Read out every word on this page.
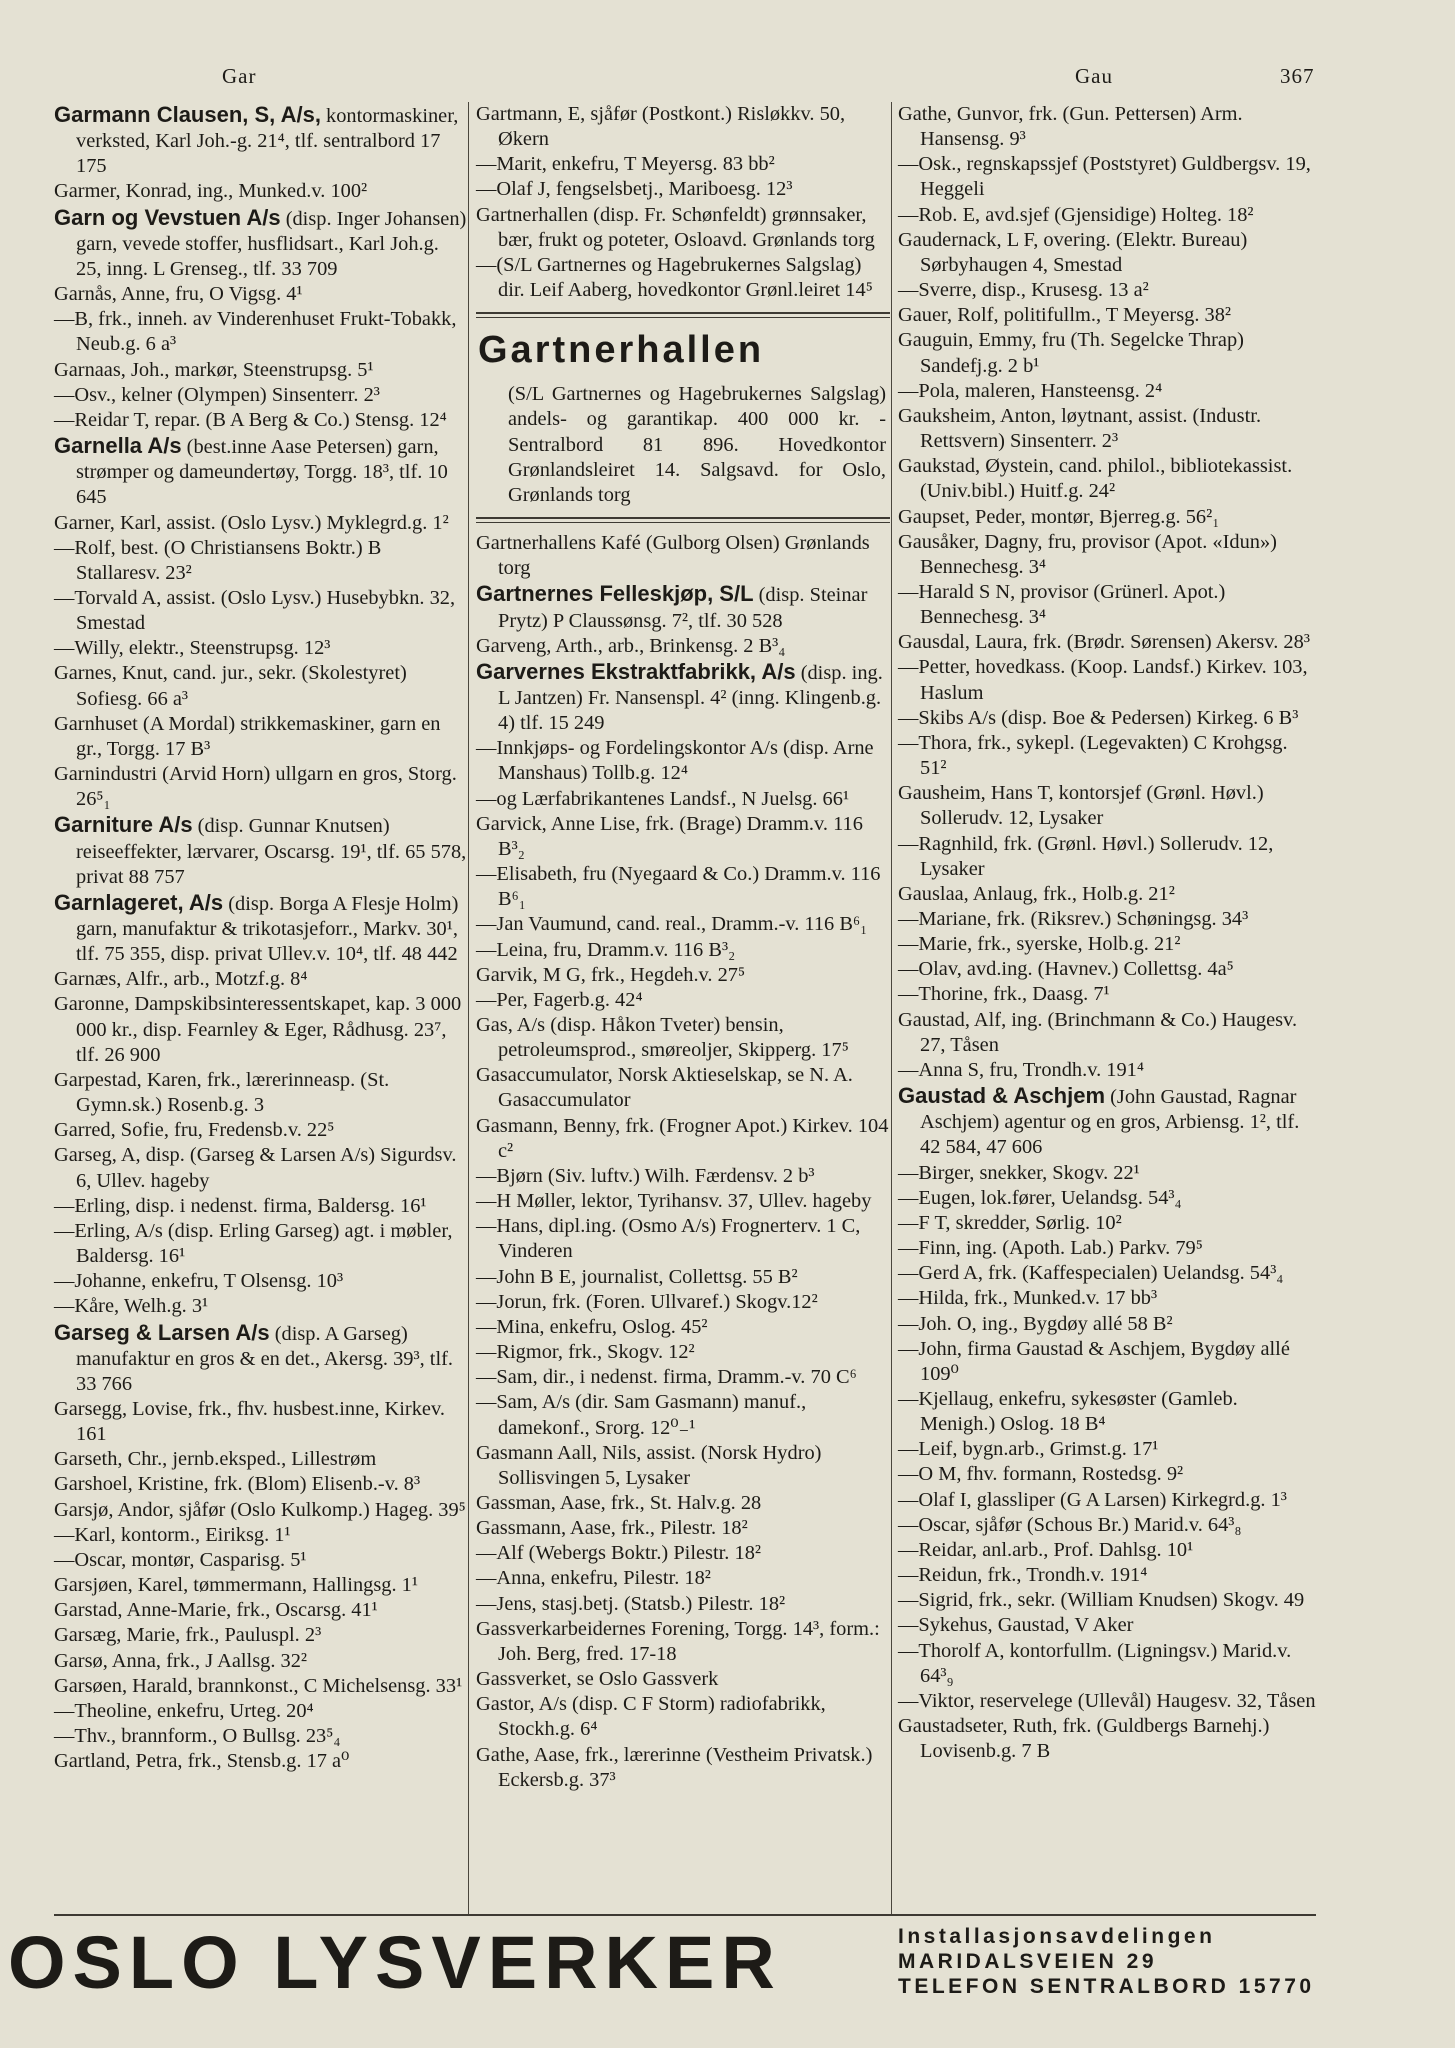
Gar	Gau	367
Garmann Clausen, S, A/s, kontormaskiner, verksted, Karl Joh.-g. 21⁴, tlf. sentralbord 17 175
Garmer, Konrad, ing., Munked.v. 100²
Garn og Vevstuen A/s (disp. Inger Johansen) garn, vevede stoffer, husflidsart., Karl Joh.g. 25, inng. L Grenseg., tlf. 33 709
Garnås, Anne, fru, O Vigsg. 4¹
—B, frk., inneh. av Vinderenhuset Frukt-Tobakk, Neub.g. 6 a³
Garnaas, Joh., markør, Steenstrupsg. 5¹
—Osv., kelner (Olympen) Sinsenterr. 2³
—Reidar T, repar. (B A Berg & Co.) Stensg. 12⁴
Garnella A/s (best.inne Aase Petersen) garn, strømper og dameundertøy, Torgg. 18³, tlf. 10 645
Garner, Karl, assist. (Oslo Lysv.) Myklegrd.g. 1²
—Rolf, best. (O Christiansens Boktr.) B Stallaresv. 23²
—Torvald A, assist. (Oslo Lysv.) Husebybkn. 32, Smestad
—Willy, elektr., Steenstrupsg. 12³
Garnes, Knut, cand. jur., sekr. (Skolestyret) Sofiesg. 66 a³
Garnhuset (A Mordal) strikkemaskiner, garn en gr., Torgg. 17 B³
Garnindustri (Arvid Horn) ullgarn en gros, Storg. 26⁵₁
Garniture A/s (disp. Gunnar Knutsen) reiseeffekter, lærvarer, Oscarsg. 19¹, tlf. 65 578, privat 88 757
Garnlageret, A/s (disp. Borga A Flesje Holm) garn, manufaktur & trikotasjeforr., Markv. 30¹, tlf. 75 355, disp. privat Ullev.v. 10⁴, tlf. 48 442
Garnæs, Alfr., arb., Motzf.g. 8⁴
Garonne, Dampskibsinteressentskapet, kap. 3 000 000 kr., disp. Fearnley & Eger, Rådhusg. 23⁷, tlf. 26 900
Garpestad, Karen, frk., lærerinneasp. (St. Gymn.sk.) Rosenb.g. 3
Garred, Sofie, fru, Fredensb.v. 22⁵
Garseg, A, disp. (Garseg & Larsen A/s) Sigurdsv. 6, Ullev. hageby
—Erling, disp. i nedenst. firma, Baldersg. 16¹
—Erling, A/s (disp. Erling Garseg) agt. i møbler, Baldersg. 16¹
—Johanne, enkefru, T Olsensg. 10³
—Kåre, Welh.g. 3¹
Garseg & Larsen A/s (disp. A Garseg) manufaktur en gros & en det., Akersg. 39³, tlf. 33 766
Garsegg, Lovise, frk., fhv. husbest.inne, Kirkev. 161
Garseth, Chr., jernb.eksped., Lillestrøm
Garshoel, Kristine, frk. (Blom) Elisenb.-v. 8³
Garsjø, Andor, sjåfør (Oslo Kulkomp.) Hageg. 39⁵
—Karl, kontorm., Eiriksg. 1¹
—Oscar, montør, Casparisg. 5¹
Garsjøen, Karel, tømmermann, Hallingsg. 1¹
Garstad, Anne-Marie, frk., Oscarsg. 41¹
Garsæg, Marie, frk., Pauluspl. 2³
Garsø, Anna, frk., J Aallsg. 32²
Garsøen, Harald, brannkonst., C Michelsensg. 33¹
—Theoline, enkefru, Urteg. 20⁴
—Thv., brannform., O Bullsg. 23⁵₄
Gartland, Petra, frk., Stensb.g. 17 a⁰
Gartmann, E, sjåfør (Postkont.) Risløkkv. 50, Økern
—Marit, enkefru, T Meyersg. 83 bb²
—Olaf J, fengselsbetj., Mariboesg. 12³
Gartnerhallen (disp. Fr. Schønfeldt) grønnsaker, bær, frukt og poteter, Osloavd. Grønlands torg
—(S/L Gartnernes og Hagebrukernes Salgslag) dir. Leif Aaberg, hovedkontor Grønl.leiret 14⁵
Gartnerhallen
(S/L Gartnernes og Hagebrukernes Salgslag) andels- og garantikap. 400 000 kr. - Sentralbord 81 896. Hovedkontor Grønlandsleiret 14. Salgsavd. for Oslo, Grønlands torg
Gartnerhallens Kafé (Gulborg Olsen) Grønlands torg
Gartnernes Felleskjøp, S/L (disp. Steinar Prytz) P Claussønsg. 7², tlf. 30 528
Garveng, Arth., arb., Brinkensg. 2 B³₄
Garvernes Ekstraktfabrikk, A/s (disp. ing. L Jantzen) Fr. Nansenspl. 4² (inng. Klingenb.g. 4) tlf. 15 249
—Innkjøps- og Fordelingskontor A/s (disp. Arne Manshaus) Tollb.g. 12⁴
—og Lærfabrikantenes Landsf., N Juelsg. 66¹
Garvick, Anne Lise, frk. (Brage) Dramm.v. 116 B³₂
—Elisabeth, fru (Nyegaard & Co.) Dramm.v. 116 B⁶₁
—Jan Vaumund, cand. real., Dramm.-v. 116 B⁶₁
—Leina, fru, Dramm.v. 116 B³₂
Garvik, M G, frk., Hegdeh.v. 27⁵
—Per, Fagerb.g. 42⁴
Gas, A/s (disp. Håkon Tveter) bensin, petroleumsprod., smøreoljer, Skipperg. 17⁵
Gasaccumulator, Norsk Aktieselskap, se N. A. Gasaccumulator
Gasmann, Benny, frk. (Frogner Apot.) Kirkev. 104 c²
—Bjørn (Siv. luftv.) Wilh. Færdensv. 2 b³
—H Møller, lektor, Tyrihansv. 37, Ullev. hageby
—Hans, dipl.ing. (Osmo A/s) Frognerterv. 1 C, Vinderen
—John B E, journalist, Collettsg. 55 B²
—Jorun, frk. (Foren. Ullvaref.) Skogv.12²
—Mina, enkefru, Oslog. 45²
—Rigmor, frk., Skogv. 12²
—Sam, dir., i nedenst. firma, Dramm.-v. 70 C⁶
—Sam, A/s (dir. Sam Gasmann) manuf., damekonf., Srorg. 12⁰₋¹
Gasmann Aall, Nils, assist. (Norsk Hydro) Sollisvingen 5, Lysaker
Gassman, Aase, frk., St. Halv.g. 28
Gassmann, Aase, frk., Pilestr. 18²
—Alf (Webergs Boktr.) Pilestr. 18²
—Anna, enkefru, Pilestr. 18²
—Jens, stasj.betj. (Statsb.) Pilestr. 18²
Gassverkarbeidernes Forening, Torgg. 14³, form.: Joh. Berg, fred. 17-18
Gassverket, se Oslo Gassverk
Gastor, A/s (disp. C F Storm) radiofabrikk, Stockh.g. 6⁴
Gathe, Aase, frk., lærerinne (Vestheim Privatsk.) Eckersb.g. 37³
Gathe, Gunvor, frk. (Gun. Pettersen) Arm. Hansensg. 9³
—Osk., regnskapssjef (Poststyret) Guldbergsv. 19, Heggeli
—Rob. E, avd.sjef (Gjensidige) Holteg. 18²
Gaudernack, L F, overing. (Elektr. Bureau) Sørbyhaugen 4, Smestad
—Sverre, disp., Krusesg. 13 a²
Gauer, Rolf, politifullm., T Meyersg. 38²
Gauguin, Emmy, fru (Th. Segelcke Thrap) Sandefj.g. 2 b¹
—Pola, maleren, Hansteensg. 2⁴
Gauksheim, Anton, løytnant, assist. (Industr. Rettsvern) Sinsenterr. 2³
Gaukstad, Øystein, cand. philol., bibliotekassist. (Univ.bibl.) Huitf.g. 24²
Gaupset, Peder, montør, Bjerreg.g. 56²₁
Gausåker, Dagny, fru, provisor (Apot. «Idun») Bennechesg. 3⁴
—Harald S N, provisor (Grünerl. Apot.) Bennechesg. 3⁴
Gausdal, Laura, frk. (Brødr. Sørensen) Akersv. 28³
—Petter, hovedkass. (Koop. Landsf.) Kirkev. 103, Haslum
—Skibs A/s (disp. Boe & Pedersen) Kirkeg. 6 B³
—Thora, frk., sykepl. (Legevakten) C Krohgsg. 51²
Gausheim, Hans T, kontorsjef (Grønl. Høvl.) Sollerudv. 12, Lysaker
—Ragnhild, frk. (Grønl. Høvl.) Sollerudv. 12, Lysaker
Gauslaa, Anlaug, frk., Holb.g. 21²
—Mariane, frk. (Riksrev.) Schøningsg. 34³
—Marie, frk., syerske, Holb.g. 21²
—Olav, avd.ing. (Havnev.) Collettsg. 4a⁵
—Thorine, frk., Daasg. 7¹
Gaustad, Alf, ing. (Brinchmann & Co.) Haugesv. 27, Tåsen
—Anna S, fru, Trondh.v. 191⁴
Gaustad & Aschjem (John Gaustad, Ragnar Aschjem) agentur og en gros, Arbiensg. 1², tlf. 42 584, 47 606
—Birger, snekker, Skogv. 22¹
—Eugen, lok.fører, Uelandsg. 54³₄
—F T, skredder, Sørlig. 10²
—Finn, ing. (Apoth. Lab.) Parkv. 79⁵
—Gerd A, frk. (Kaffespecialen) Uelandsg. 54³₄
—Hilda, frk., Munked.v. 17 bb³
—Joh. O, ing., Bygdøy allé 58 B²
—John, firma Gaustad & Aschjem, Bygdøy allé 109⁰
—Kjellaug, enkefru, sykesøster (Gamleb. Menigh.) Oslog. 18 B⁴
—Leif, bygn.arb., Grimst.g. 17¹
—O M, fhv. formann, Rostedsg. 9²
—Olaf I, glassliper (G A Larsen) Kirkegrd.g. 1³
—Oscar, sjåfør (Schous Br.) Marid.v. 64³₈
—Reidar, anl.arb., Prof. Dahlsg. 10¹
—Reidun, frk., Trondh.v. 191⁴
—Sigrid, frk., sekr. (William Knudsen) Skogv. 49
—Sykehus, Gaustad, V Aker
—Thorolf A, kontorfullm. (Ligningsv.) Marid.v. 64³₉
—Viktor, reservelege (Ullevål) Haugesv. 32, Tåsen
Gaustadseter, Ruth, frk. (Guldbergs Barnehj.) Lovisenb.g. 7 B
OSLO LYSVERKER	Installasjonsavdelingen
MARIDALSVEIEN 29
TELEFON SENTRALBORD 15770
